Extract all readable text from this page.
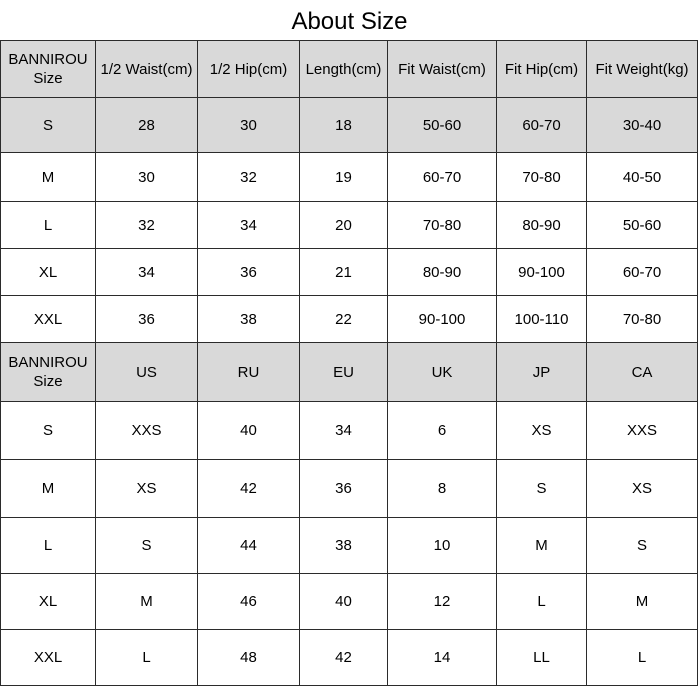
About Size
BANNIROU Size	1/2 Waist(cm)	1/2 Hip(cm)	Length(cm)	Fit Waist(cm)	Fit Hip(cm)	Fit Weight(kg)
S	28	30	18	50-60	60-70	30-40
M	30	32	19	60-70	70-80	40-50
L	32	34	20	70-80	80-90	50-60
XL	34	36	21	80-90	90-100	60-70
XXL	36	38	22	90-100	100-110	70-80
BANNIROU Size	US	RU	EU	UK	JP	CA
S	XXS	40	34	6	XS	XXS
M	XS	42	36	8	S	XS
L	S	44	38	10	M	S
XL	M	46	40	12	L	M
XXL	L	48	42	14	LL	L
